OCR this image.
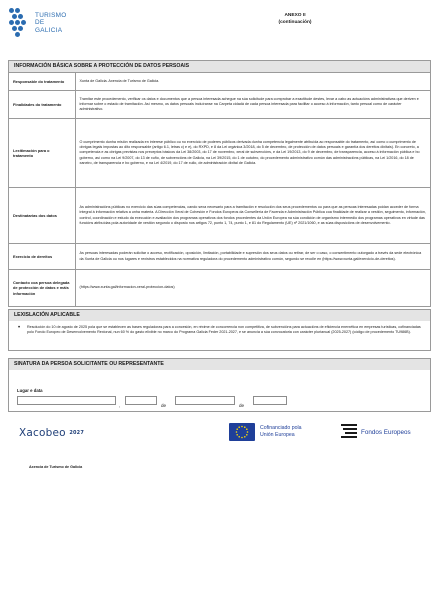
TURISMO
DE
GALICIA
ANEXO II
(continuación)
INFORMACIÓN BÁSICA SOBRE A PROTECCIÓN DE DATOS PERSOAIS
Responsable do tratamento	Xunta de Galicia. Axencia de Turismo de Galicia.
Finalidades do tratamento	Tramitar este procedemento, verificar os datos e documentos que a persoa interesada achegue na súa solicitude para comprobar a exactitude destes, levar a cabo as actuacións administrativas que deriven e informar sobre o estado de tramitación. Así mesmo, os datos persoais incluíranse na Carpeta cidadá de cada persoa interesada para facilitar o acceso á información, tanto persoal como de carácter administrativo.
Lexitimación para o tratamento	O cumprimento dunha misión realizada en interese público ou no exercicio de poderes públicos derivada dunha competencia legalmente atribuída ao responsable do tratamento, así como o cumprimento de obrigas legais impostas ao dito responsable (artigo 6.1, letras c) e e), do RXPD, e 8 da Lei orgánica 3/2018, do 5 de decembro, de protección de datos persoais e garantía dos dereitos dixitais). En concreto, a competencia e as obrigas previstas nos preceptos básicos da Lei 38/2003, do 17 de novembro, xeral de subvencións, e da Lei 19/2013, do 9 de decembro, de transparencia, acceso á información pública e bo goberno, así como na Lei 9/2007, do 13 de xuño, de subvencións de Galicia, na Lei 39/2015, do 1 de outubro, do procedemento administrativo común das administracións públicas, na Lei 1/2016, do 18 de xaneiro, de transparencia e bo goberno, e na Lei 4/2019, do 17 de xullo, de administración dixital de Galicia.
Destinatarias dos datos	As administracións públicas no exercicio das súas competencias, cando sexa necesario para a tramitación e resolución dos seus procedementos ou para que as persoas interesadas poidan acceder de forma integral á información relativa a unha materia. A Dirección Xeral de Cohesión e Fondos Europeos da Consellería de Facenda e Administración Pública coa finalidade de realizar a xestión, seguimento, información, control, coordinación e estudo da execución e avaliación dos programas operativos dos fondos procedentes da Unión Europea na súa condición de organismo intermedio dos programas operativos en virtude das funcións atribuídas pola autoridade de xestión segundo o disposto nos artigos 72, punto 1, 74, punto 1, e 81 do Regulamento (UE) nº 2021/1060, e as súas disposicións de desenvolvemento.
Exercicio de dereitos	As persoas interesadas poderán solicitar o acceso, rectificación, oposición, limitación, portabilidade e supresión dos seus datos ou retirar, de ser o caso, o consentimento outorgado a través da sede electrónica da Xunta de Galicia ou nos lugares e rexistros establecidos na normativa reguladora do procedemento administrativo común, segundo se recolle en (https://www.xunta.gal/exercicio-de-dereitos).
Contacto coa persoa delegada de protección de datos e máis información	(https://www.xunta.gal/informacion-xeral-proteccion-datos)
LEXISLACIÓN APLICABLE
• Resolución do 10 de agosto de 2025 pola que se establecen as bases reguladoras para a concesión, en réxime de concorrencia non competitiva, de subvencións para actuacións de eficiencia enerxética en empresas turísticas, cofinanciadas polo Fondo Europeo de Desenvolvemento Rexional, nun 60 % do gasto elixible no marco do Programa Galicia Feder 2021-2027, e se anuncia a súa convocatoria con carácter plurianual (2025-2027) (código de procedemento TU986B).
SINATURA DA PERSOA SOLICITANTE OU REPRESENTANTE
Lugar e data
,	de	de
Xacobeo 2027
Cofinanciado pola
Unión Europea	Fondos Europeos
Axencia de Turismo de Galicia
